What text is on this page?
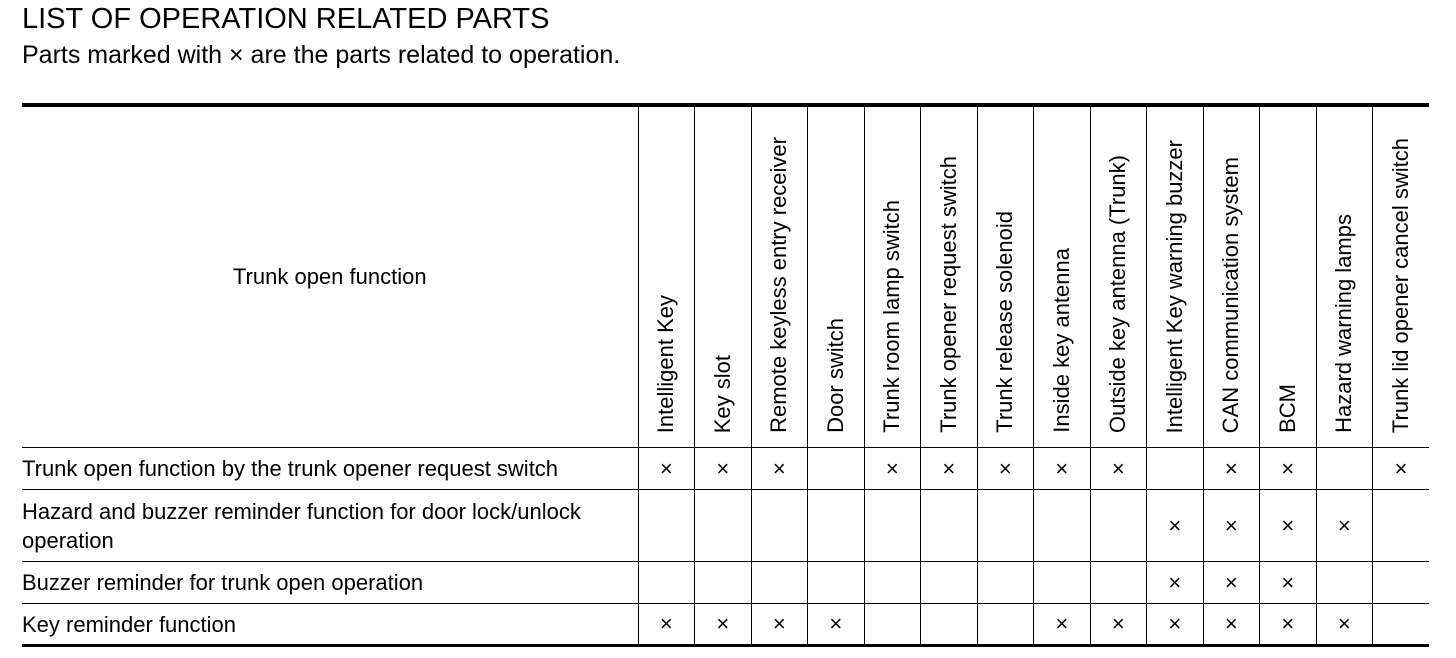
LIST OF OPERATION RELATED PARTS
Parts marked with × are the parts related to operation.
Trunk open function	Intelligent Key	Key slot	Remote keyless entry receiver	Door switch	Trunk room lamp switch	Trunk opener request switch	Trunk release solenoid	Inside key antenna	Outside key antenna (Trunk)	Intelligent Key warning buzzer	CAN communication system	BCM	Hazard warning lamps	Trunk lid opener cancel switch

Trunk open function by the trunk opener request switch	×	×	×		×	×	×	×	×		×	×		×
Hazard and buzzer reminder function for door lock/unlock operation										×	×	×	×	
Buzzer reminder for trunk open operation										×	×	×		
Key reminder function	×	×	×	×				×	×	×	×	×	×	
